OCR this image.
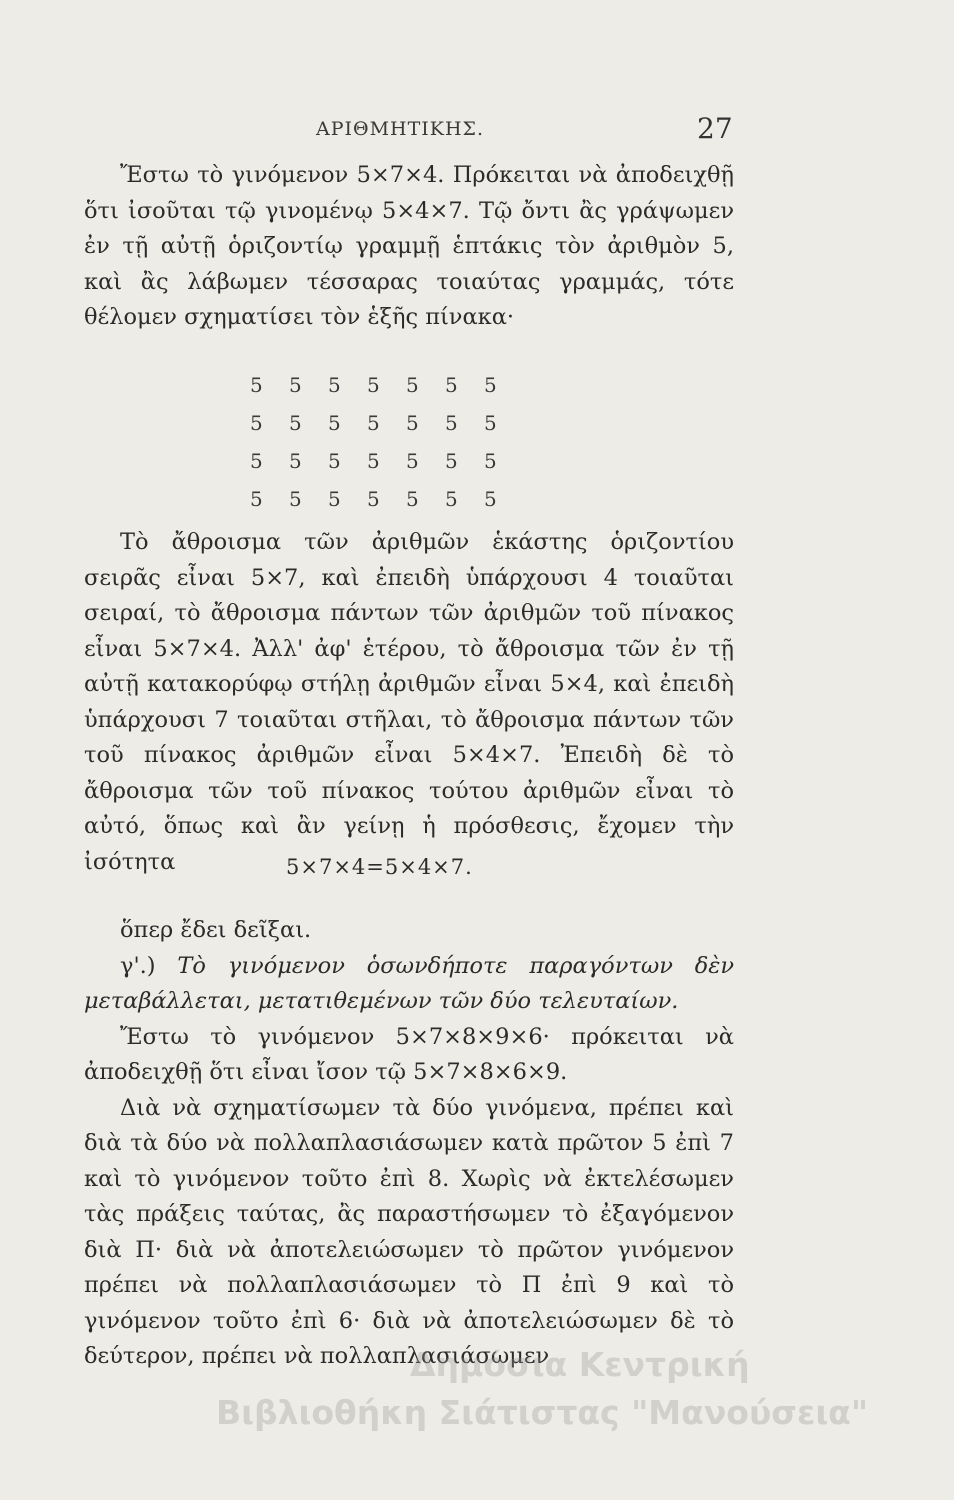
ΑΡΙΘΜΗΤΙΚΗΣ.	27

Ἔστω τὸ γινόμενον 5×7×4. Πρόκειται νὰ ἀποδειχθῇ ὅτι ἰσοῦται τῷ γινομένῳ 5×4×7. Τῷ ὄντι ἂς γράψωμεν ἐν τῇ αὐτῇ ὁριζοντίῳ γραμμῇ ἑπτάκις τὸν ἀριθμὸν 5, καὶ ἂς λάβωμεν τέσσαρας τοιαύτας γραμμάς, τότε θέλομεν σχηματίσει τὸν ἑξῆς πίνακα·

5	5	5	5	5	5	5
5	5	5	5	5	5	5
5	5	5	5	5	5	5
5	5	5	5	5	5	5

Τὸ ἄθροισμα τῶν ἀριθμῶν ἑκάστης ὁριζοντίου σειρᾶς εἶναι 5×7, καὶ ἐπειδὴ ὑπάρχουσι 4 τοιαῦται σειραί, τὸ ἄθροισμα πάντων τῶν ἀριθμῶν τοῦ πίνακος εἶναι 5×7×4. Ἀλλ' ἀφ' ἑτέρου, τὸ ἄθροισμα τῶν ἐν τῇ αὐτῇ κατακορύφῳ στήλῃ ἀριθμῶν εἶναι 5×4, καὶ ἐπειδὴ ὑπάρχουσι 7 τοιαῦται στῆλαι, τὸ ἄθροισμα πάντων τῶν τοῦ πίνακος ἀριθμῶν εἶναι 5×4×7. Ἐπειδὴ δὲ τὸ ἄθροισμα τῶν τοῦ πίνακος τούτου ἀριθμῶν εἶναι τὸ αὐτό, ὅπως καὶ ἂν γείνῃ ἡ πρόσθεσις, ἔχομεν τὴν ἰσότητα	5×7×4=5×4×7.

ὅπερ ἔδει δεῖξαι.

γ'.) Τὸ γινόμενον ὁσωνδήποτε παραγόντων δὲν μεταβάλλεται, μετατιθεμένων τῶν δύο τελευταίων.

Ἔστω τὸ γινόμενον 5×7×8×9×6· πρόκειται νὰ ἀποδειχθῇ ὅτι εἶναι ἴσον τῷ 5×7×8×6×9.

Διὰ νὰ σχηματίσωμεν τὰ δύο γινόμενα, πρέπει καὶ διὰ τὰ δύο νὰ πολλαπλασιάσωμεν κατὰ πρῶτον 5 ἐπὶ 7 καὶ τὸ γινόμενον τοῦτο ἐπὶ 8. Χωρὶς νὰ ἐκτελέσωμεν τὰς πράξεις ταύτας, ἂς παραστήσωμεν τὸ ἐξαγόμενον διὰ Π· διὰ νὰ ἀποτελειώσωμεν τὸ πρῶτον γινόμενον πρέπει νὰ πολλαπλασιάσωμεν τὸ Π ἐπὶ 9 καὶ τὸ γινόμενον τοῦτο ἐπὶ 6· διὰ νὰ ἀποτελειώσωμεν δὲ τὸ δεύτερον, πρέπει νὰ πολλαπλασιάσωμεν

Δημόσια Κεντρική
Βιβλιοθήκη Σιάτιστας "Μανούσεια"
